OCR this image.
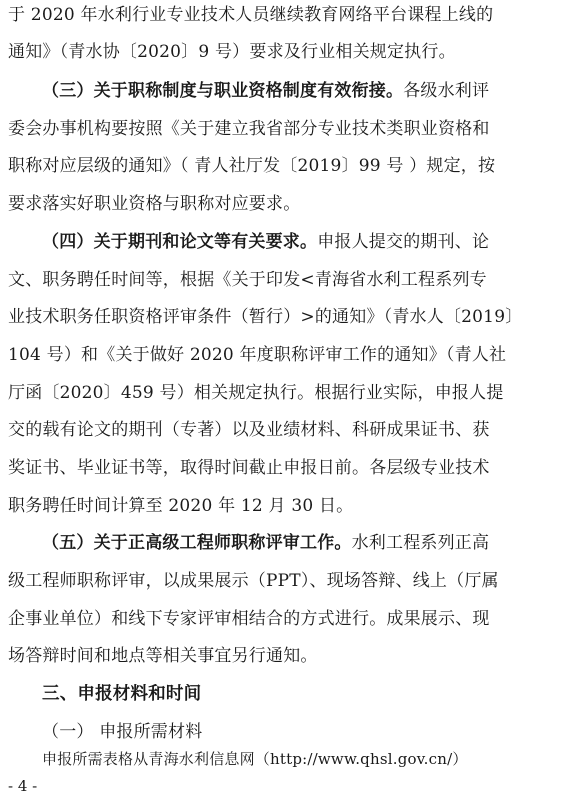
于 2020 年水利行业专业技术人员继续教育网络平台课程上线的
通知》（青水协〔2020〕9 号）要求及行业相关规定执行。
（三）关于职称制度与职业资格制度有效衔接。各级水利评
委会办事机构要按照《关于建立我省部分专业技术类职业资格和
职称对应层级的通知》（ 青人社厅发〔2019〕99 号 ）规定，按
要求落实好职业资格与职称对应要求。
（四）关于期刊和论文等有关要求。申报人提交的期刊、论
文、职务聘任时间等，根据《关于印发<青海省水利工程系列专
业技术职务任职资格评审条件（暂行）>的通知》（青水人〔2019〕
104 号）和《关于做好 2020 年度职称评审工作的通知》（青人社
厅函〔2020〕459 号）相关规定执行。根据行业实际，申报人提
交的载有论文的期刊（专著）以及业绩材料、科研成果证书、获
奖证书、毕业证书等，取得时间截止申报日前。各层级专业技术
职务聘任时间计算至 2020 年 12 月 30 日。
（五）关于正高级工程师职称评审工作。水利工程系列正高
级工程师职称评审，以成果展示（PPT）、现场答辩、线上（厅属
企事业单位）和线下专家评审相结合的方式进行。成果展示、现
场答辩时间和地点等相关事宜另行通知。
三、申报材料和时间
（一） 申报所需材料
申报所需表格从青海水利信息网（http://www.qhsl.gov.cn/）
- 4 -
